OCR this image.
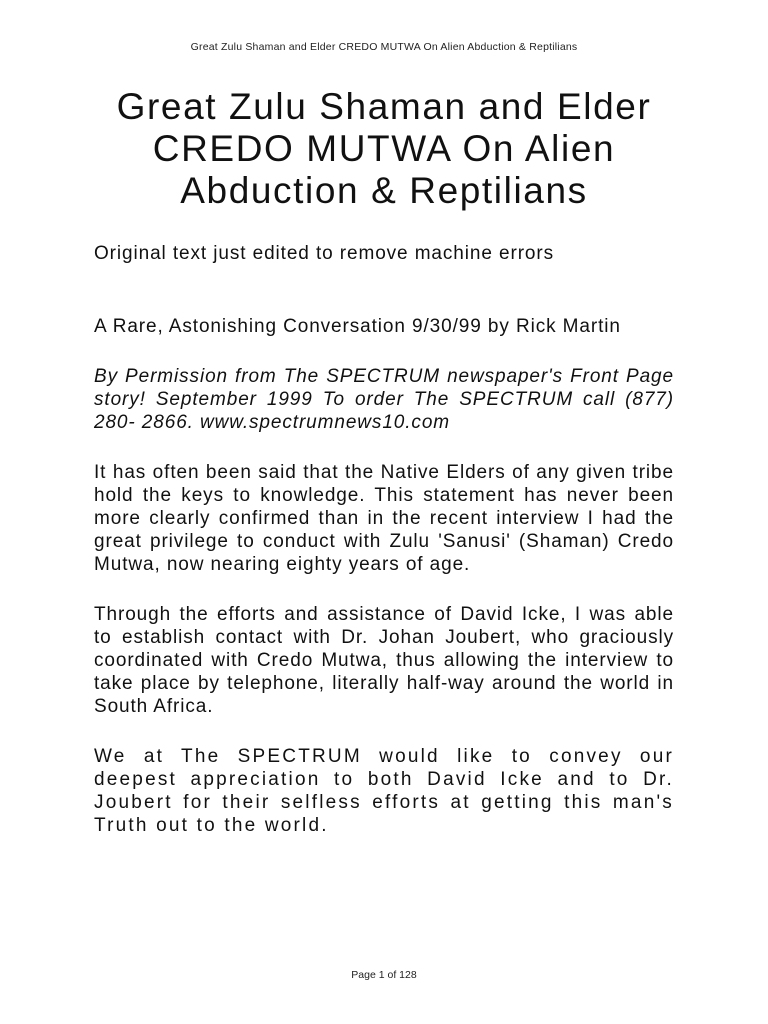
Great Zulu Shaman and Elder CREDO MUTWA On Alien Abduction & Reptilians
Great Zulu Shaman and Elder CREDO MUTWA On Alien Abduction & Reptilians

Original text just edited to remove machine errors

A Rare, Astonishing Conversation 9/30/99 by Rick Martin

By Permission from The SPECTRUM newspaper's Front Page story! September 1999 To order The SPECTRUM call (877) 280- 2866. www.spectrumnews10.com

It has often been said that the Native Elders of any given tribe hold the keys to knowledge. This statement has never been more clearly confirmed than in the recent interview I had the great privilege to conduct with Zulu 'Sanusi' (Shaman) Credo Mutwa, now nearing eighty years of age.

Through the efforts and assistance of David Icke, I was able to establish contact with Dr. Johan Joubert, who graciously coordinated with Credo Mutwa, thus allowing the interview to take place by telephone, literally half-way around the world in South Africa.

We at The SPECTRUM would like to convey our deepest appreciation to both David Icke and to Dr. Joubert for their selfless efforts at getting this man's Truth out to the world.

Page 1 of 128
